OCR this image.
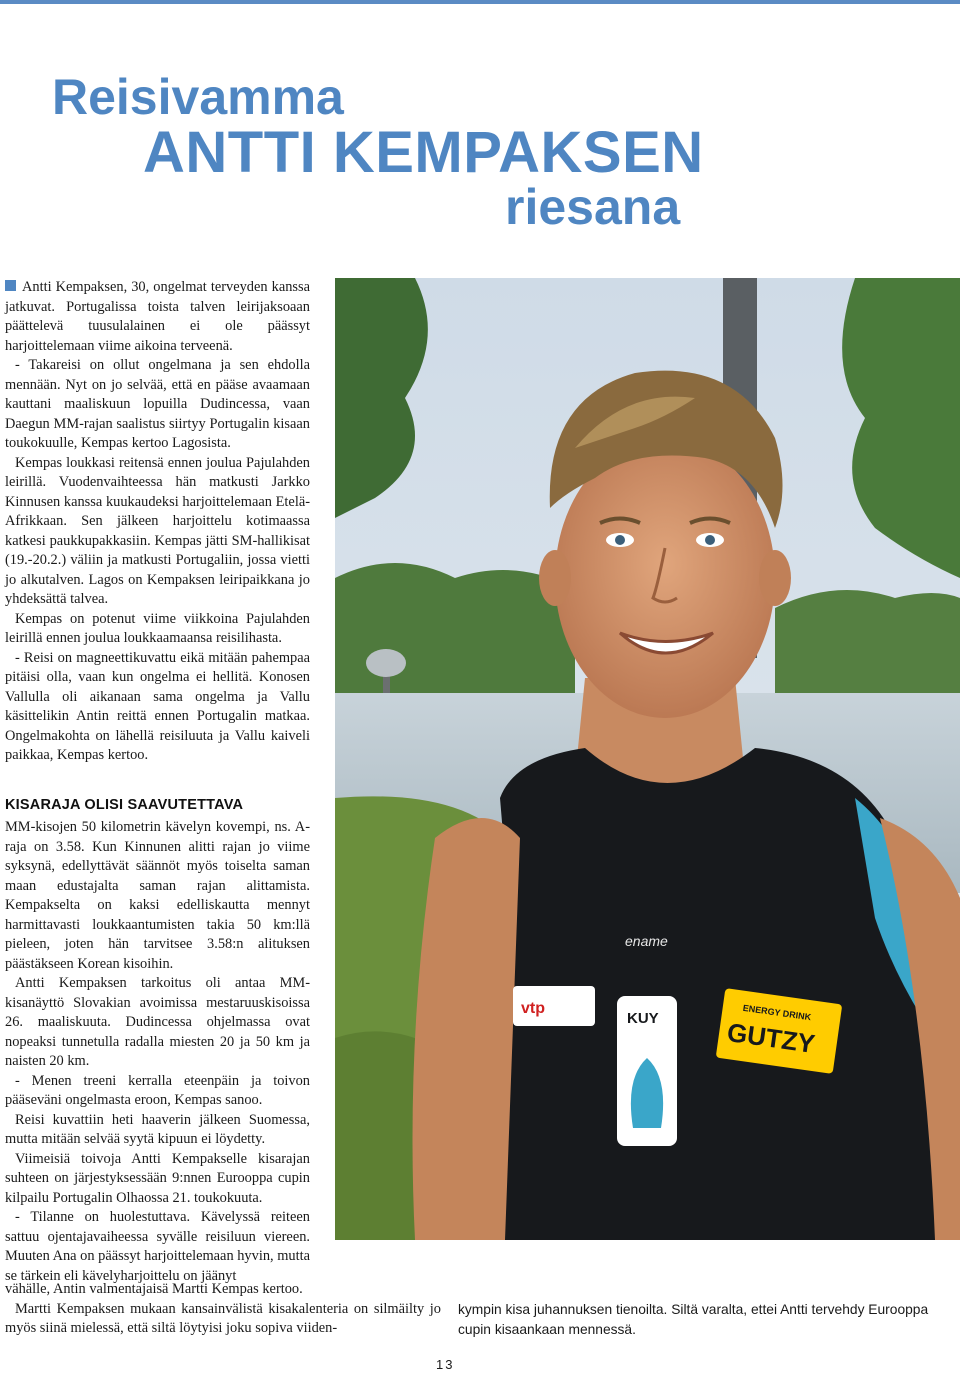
Reisivamma
ANTTI KEMPAKSEN
riesana
ename
vtp
KUY	ENERGY DRINK
GUTZY

Antti Kempaksen, 30, ongelmat terveyden kanssa jatkuvat. Portugalissa toista talven leirijaksoaan päättelevä tuusulalainen ei ole päässyt harjoittelemaan viime aikoina terveenä.

- Takareisi on ollut ongelmana ja sen ehdolla mennään. Nyt on jo selvää, että en pääse avaamaan kauttani maaliskuun lopuilla Dudincessa, vaan Daegun MM-rajan saalistus siirtyy Portugalin kisaan toukokuulle, Kempas kertoo Lagosista.

Kempas loukkasi reitensä ennen joulua Pajulahden leirillä. Vuodenvaihteessa hän matkusti Jarkko Kinnusen kanssa kuukaudeksi harjoittelemaan Etelä-Afrikkaan. Sen jälkeen harjoittelu kotimaassa katkesi paukkupakkasiin. Kempas jätti SM-hallikisat (19.-20.2.) väliin ja matkusti Portugaliin, jossa vietti jo alkutalven. Lagos on Kempaksen leiripaikkana jo yhdeksättä talvea.

Kempas on potenut viime viikkoina Pajulahden leirillä ennen joulua loukkaamaansa reisilihasta.

- Reisi on magneettikuvattu eikä mitään pahempaa pitäisi olla, vaan kun ongelma ei hellitä. Konosen Vallulla oli aikanaan sama ongelma ja Vallu käsittelikin Antin reittä ennen Portugalin matkaa. Ongelmakohta on lähellä reisiluuta ja Vallu kaiveli paikkaa, Kempas kertoo.

KISARAJA OLISI SAAVUTETTAVA

MM-kisojen 50 kilometrin kävelyn kovempi, ns. A-raja on 3.58. Kun Kinnunen alitti rajan jo viime syksynä, edellyttävät säännöt myös toiselta saman maan edustajalta saman rajan alittamista. Kempakselta on kaksi edelliskautta mennyt harmittavasti loukkaantumisten takia 50 km:llä pieleen, joten hän tarvitsee 3.58:n alituksen päästäkseen Korean kisoihin.

Antti Kempaksen tarkoitus oli antaa MM-kisanäyttö Slovakian avoimissa mestaruuskisoissa 26. maaliskuuta. Dudincessa ohjelmassa ovat nopeaksi tunnetulla radalla miesten 20 ja 50 km ja naisten 20 km.

- Menen treeni kerralla eteenpäin ja toivon pääseväni ongelmasta eroon, Kempas sanoo.

Reisi kuvattiin heti haaverin jälkeen Suomessa, mutta mitään selvää syytä kipuun ei löydetty.

Viimeisiä toivoja Antti Kempakselle kisarajan suhteen on järjestyksessään 9:nnen Eurooppa cupin kilpailu Portugalin Olhaossa 21. toukokuuta.

- Tilanne on huolestuttava. Kävelyssä reiteen sattuu ojentajavaiheessa syvälle reisiluun viereen. Muuten Ana on päässyt harjoittelemaan hyvin, mutta se tärkein eli kävelyharjoittelu on jäänyt

vähälle, Antin valmentajaisä Martti Kempas kertoo.

Martti Kempaksen mukaan kansainvälistä kisakalenteria on silmäilty jo myös siinä mielessä, että siltä löytyisi joku sopiva viiden-

kympin kisa juhannuksen tienoilta. Siltä varalta, ettei Antti tervehdy Eurooppa cupin kisaankaan mennessä.

13
